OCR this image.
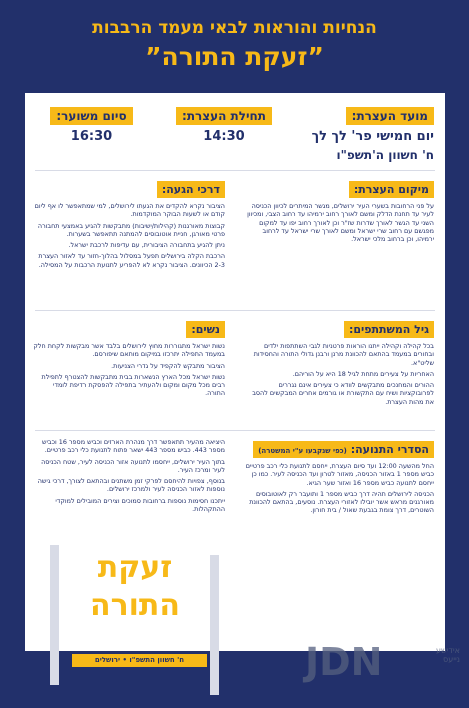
הנחיות והוראות לבאי מעמד הרבבות
”זעקת התורה”
מועד העצרת:
יום חמישי פר' לך לך
ח' חשוון ה'תשפ"ו
תחילת העצרת:
14:30
סיום משוער:
16:30
מיקום העצרת:
על פני הרחובות בשערי העיר ירושלים, מגשר המיתרים לכיוון הכניסה לעיר עד תחנת הדלק ומשם לאורך רחוב ירמיהו עד רחוב הצבי, ומכיוון השני עד הגשר לאורך שדרות שז"ר וכן לאורך רחוב יפו עד למקום מפגשם עם רחוב שרי ישראל ומשם לאורך שרי ישראל עד לרחוב ירמיהו, וכן ברחוב מלכי ישראל.
דרכי הגעה:

הציבור נקרא להקדים את הגעתו לירושלים, למי שמתאפשר לו אף ליום קודם או לשעות הבוקר המוקדמות.

קבוצות מאורגנות (קהילות/ישיבות) מתבקשות להגיע באמצעי תחבורה פרטי מאורגן, חניית אוטובוסים להמתנה תתאפשר בשערות.

ניתן להגיע בתחבורה הציבורית, עם עדיפות לרכבת ישראל.

הרכבת הקלה בירושלים תפעל במסלול בהלוך-חזור עד לאזור העצרת 2-3 הכיוונים. הציבור נקרא לא להפריע לתנועת הרכבות על המסילה.

גיל המשתתפים:

בכל קהילה וקהילה ייתנו הוראות פרטניות לגבי השתתפות ילדים ובחורים במעמד בהתאם להכוונת מרנן ורבנן גדולי התורה והחסידות שליט"א.

האחריות על צעירים מתחת לגיל 18 היא על הוריהם.

ההורים והמחנכים מתבקשים לוודא כי צעירים אינם נגררים לפרובוקציות ושיח עם התקשורת או גורמים אחרים המבקשים להסב את מהות העצרת.

נשים:

נשות ישראל מתגוררות מחוץ לירושלים בלבד אשר מבקשות לקחת חלק במעמד התפילה יתרכזו במיקום מותאם שיפורסם.

הציבור מתבקש להקפיד על גדרי הצניעות.

נשות ישראל מכל הארץ הנשארות בבית מתבקשות להצטרף לתפילת רבים מכל מקום ומקום ולהעתיר בתפילה להפסקת רדיפת לומדי התורה.

הסדרי התנועה: (כפי שנקבעו ע"י המשטרה)

החל מהשעה 12:00 ועד סיום העצרת, ייחסם לתנועת כלי רכב פרטיים כביש מספר 1 באזור הכניסה, מאזור לטרון ועד הכניסה לעיר. כמו כן ייחסם לתנועה כביש מספר 16 ואזור שער הגיא.

הכניסה לירושלים תהיה דרך כביש מספר 1 ותועבר רק לאוטובוסים מאורגנים מראש אשר יובילו לאזורי העצרת. נוסעים, בהתאם להכוונת השוטרים, דרך צומת בגבעת שאול / בית חורון.

היציאה מהעיר תתאפשר דרך מנהרת הארזים וכביש מספר 16 וכביש מספר 443. כביש מספר 443 ישאר פתוח לתנועת כלי רכב פרטיים.

בתוך העיר ירושלים, ייחסמו לתנועה אזור הכניסה לעיר, שטח הכניסה לעיר ומרכז העיר.

בנוסף, צפויות להיחסם לפרקי זמן משתנים ובהתאם לצורך, דרכי גישה נוספות לאזור הכניסה לעיר ולמרכז ירושלים.

ייתכנו חסימות נוספות ברחובות סמוכים וצירים המובילים למוקדי ההתקהלות.

זעקת
התורה
מעמד רבבות אלפי ישראל
נגד רדיפת לומדי התורה בארה"ק
ח' חשוון התשפ"ו • ירושלים	JDN	אידישע
נייעס
